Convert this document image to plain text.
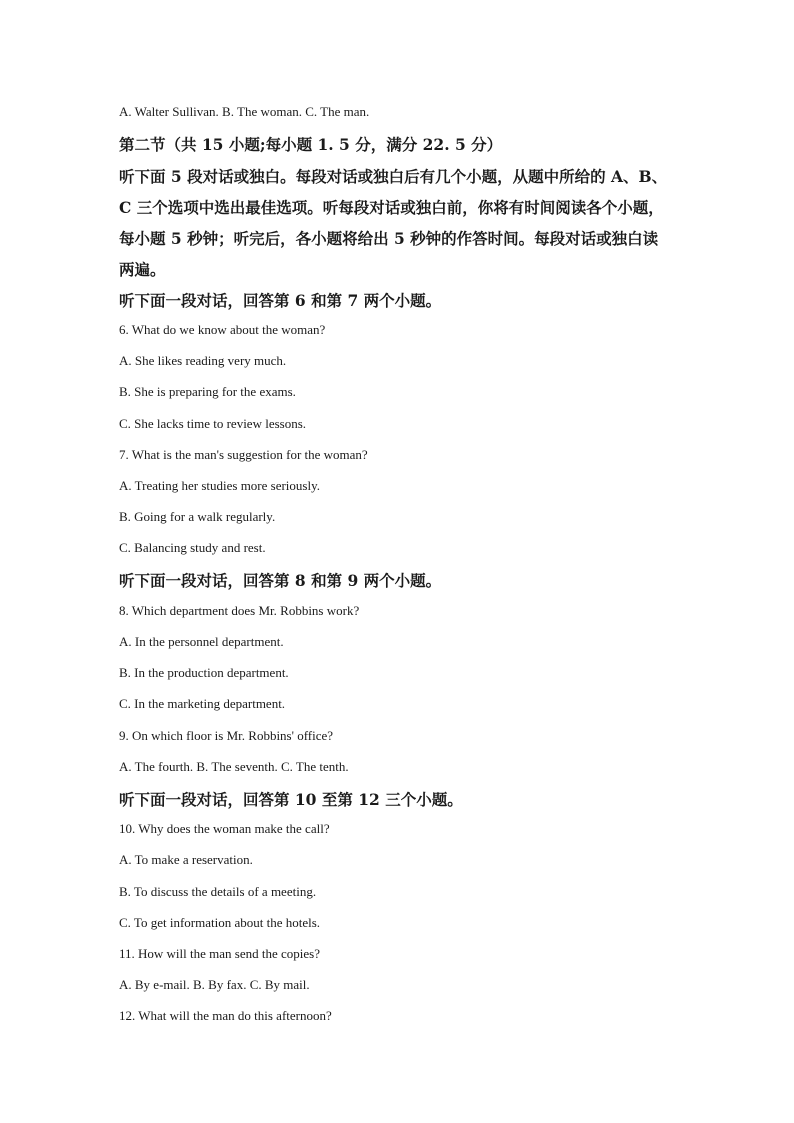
A. Walter Sullivan. B. The woman. C. The man.
第二节（共 15 小题;每小题 1. 5 分，满分 22. 5 分）
听下面 5 段对话或独白。每段对话或独白后有几个小题，从题中所给的 A、B、
C 三个选项中选出最佳选项。听每段对话或独白前，你将有时间阅读各个小题，
每小题 5 秒钟；听完后，各小题将给出 5 秒钟的作答时间。每段对话或独白读
两遍。
听下面一段对话，回答第 6 和第 7 两个小题。
6. What do we know about the woman?
A. She likes reading very much.
B. She is preparing for the exams.
C. She lacks time to review lessons.
7. What is the man's suggestion for the woman?
A. Treating her studies more seriously.
B. Going for a walk regularly.
C. Balancing study and rest.
听下面一段对话，回答第 8 和第 9 两个小题。
8. Which department does Mr. Robbins work?
A. In the personnel department.
B. In the production department.
C. In the marketing department.
9. On which floor is Mr. Robbins' office?
A. The fourth. B. The seventh. C. The tenth.
听下面一段对话，回答第 10 至第 12 三个小题。
10. Why does the woman make the call?
A. To make a reservation.
B. To discuss the details of a meeting.
C. To get information about the hotels.
11. How will the man send the copies?
A. By e-mail. B. By fax. C. By mail.
12. What will the man do this afternoon?
